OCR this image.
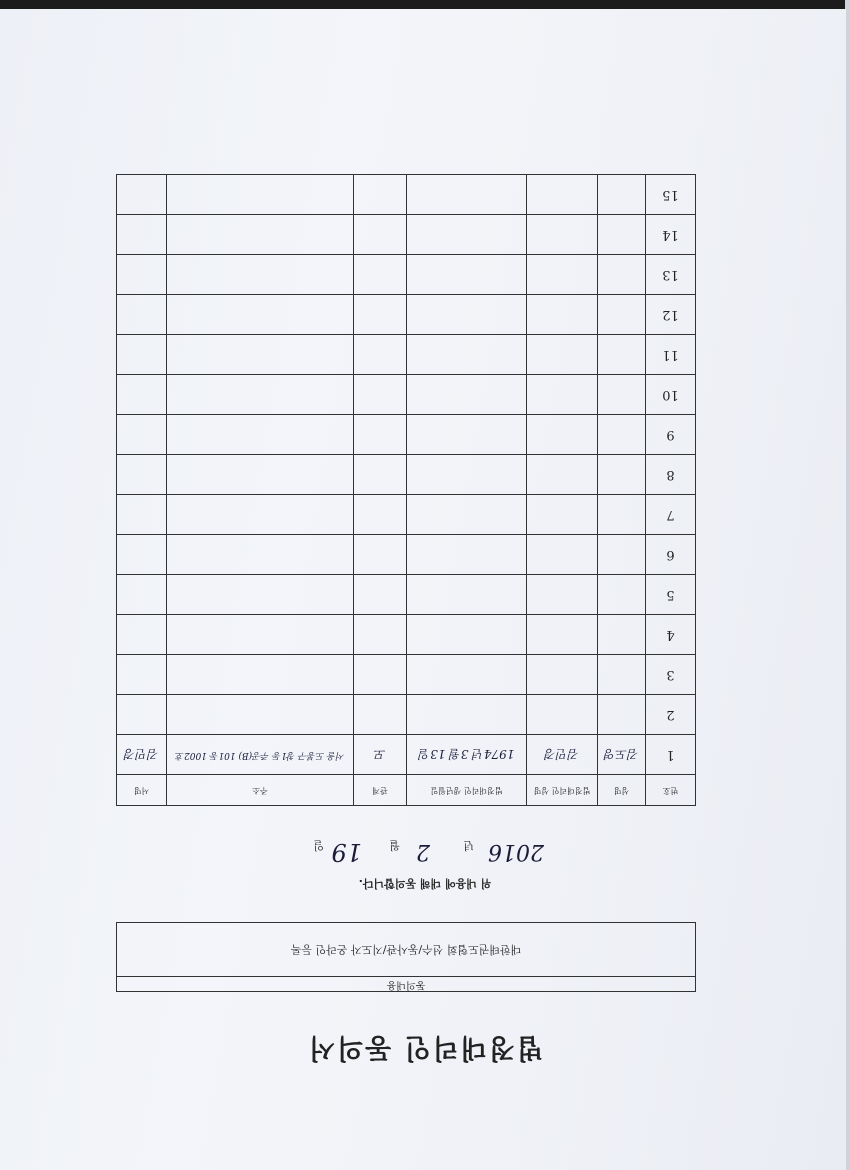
법정대리인 동의서
동의내용
대한태권도협회 선수/동사관/지도자 온라인 등록
위 내용에 대해 동의합니다.
2016
년
2
월
19
일
번호	성명	법정대리인 성명	법정대리인 생년월일	관계	주소	서명
1	김도영	김민경	1974년 3월 13일	모	서울 도봉구 창1동 주공(B) 101동 1002호	김민경
2						
3						
4						
5						
6						
7						
8						
9						
10						
11						
12						
13						
14						
15						
